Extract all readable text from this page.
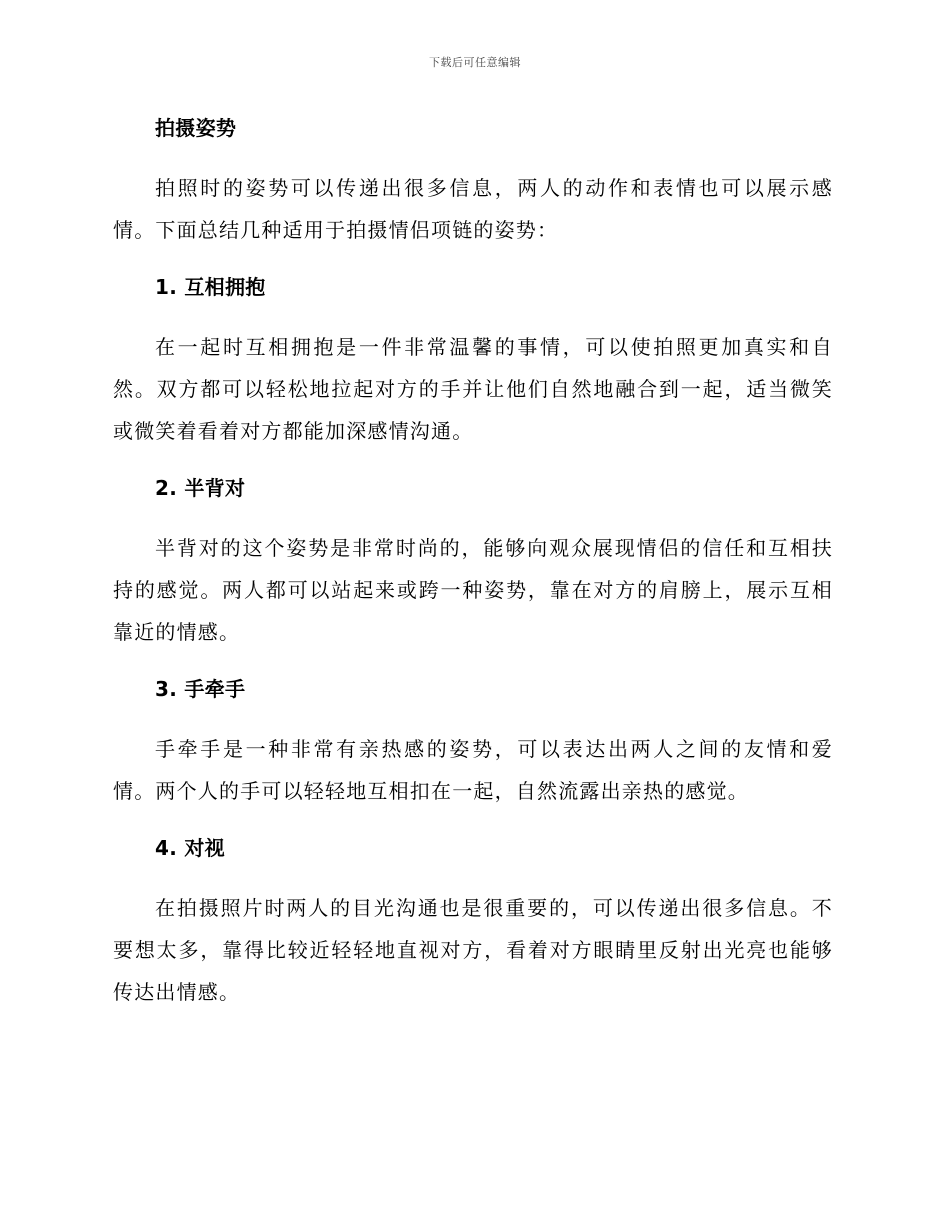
下载后可任意编辑
拍摄姿势

拍照时的姿势可以传递出很多信息，两人的动作和表情也可以展示感情。下面总结几种适用于拍摄情侣项链的姿势：

1. 互相拥抱

在一起时互相拥抱是一件非常温馨的事情，可以使拍照更加真实和自然。双方都可以轻松地拉起对方的手并让他们自然地融合到一起，适当微笑或微笑着看着对方都能加深感情沟通。

2. 半背对

半背对的这个姿势是非常时尚的，能够向观众展现情侣的信任和互相扶持的感觉。两人都可以站起来或跨一种姿势，靠在对方的肩膀上，展示互相靠近的情感。

3. 手牵手

手牵手是一种非常有亲热感的姿势，可以表达出两人之间的友情和爱情。两个人的手可以轻轻地互相扣在一起，自然流露出亲热的感觉。

4. 对视

在拍摄照片时两人的目光沟通也是很重要的，可以传递出很多信息。不要想太多，靠得比较近轻轻地直视对方，看着对方眼睛里反射出光亮也能够传达出情感。
